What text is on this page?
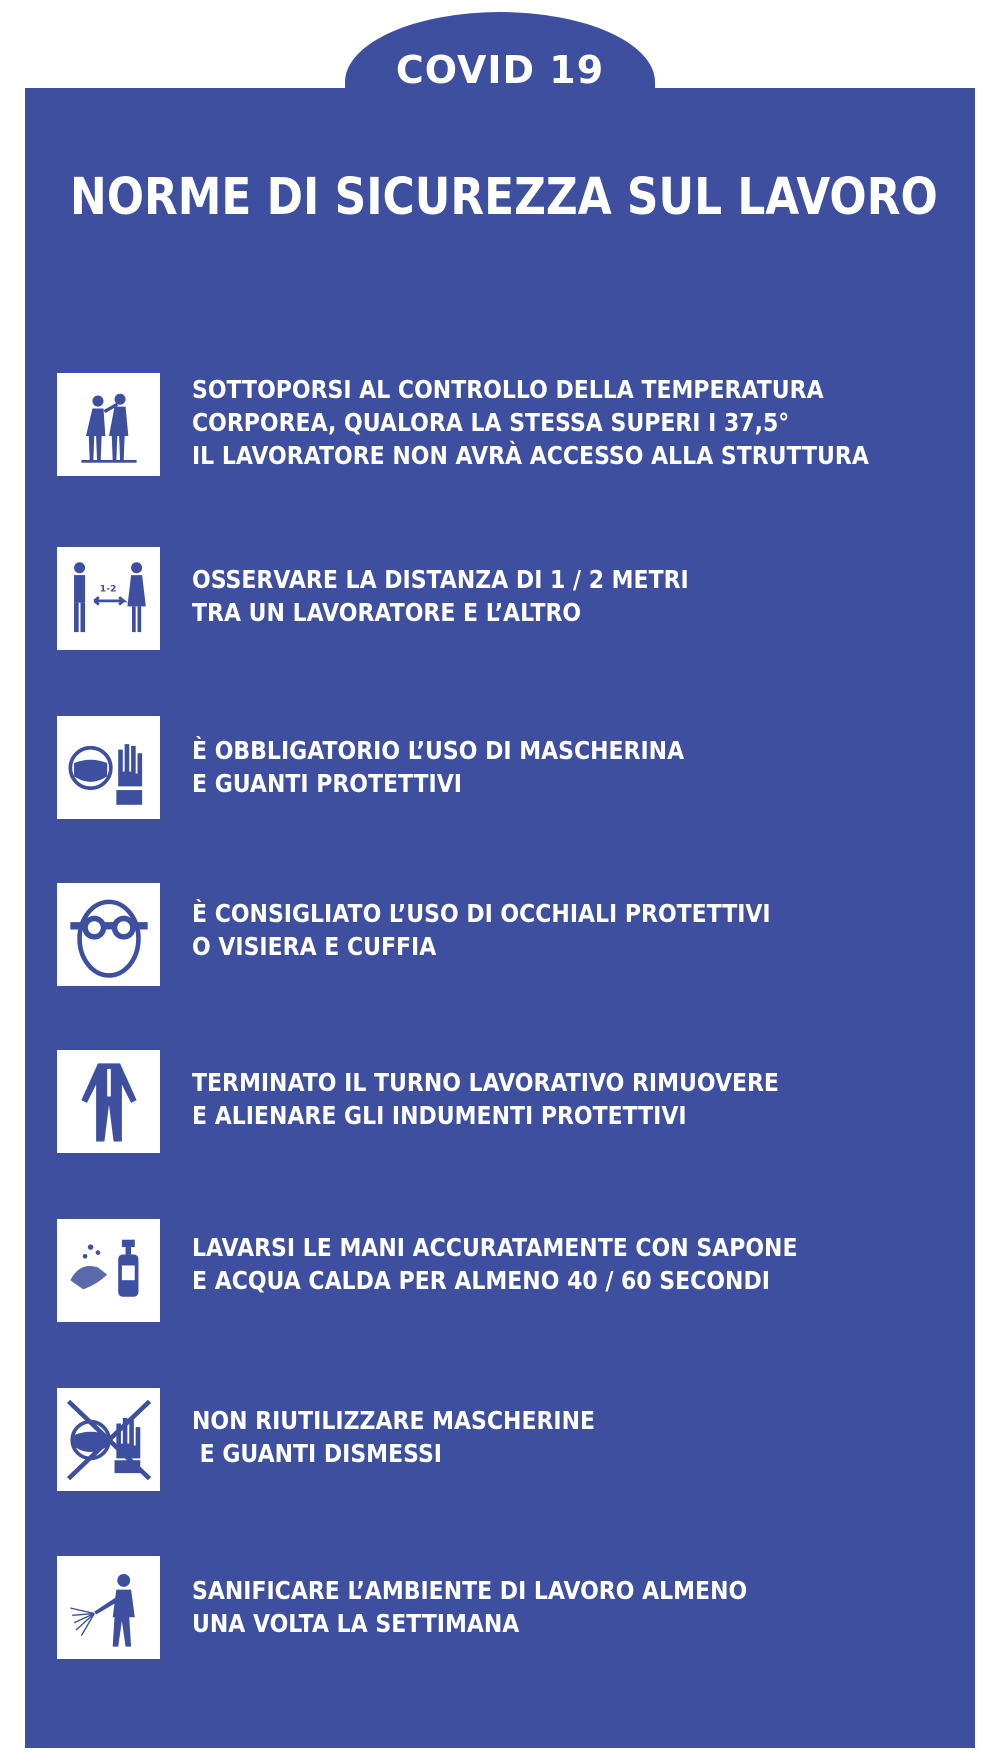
COVID 19
NORME DI SICUREZZA SUL LAVORO
SOTTOPORSI AL CONTROLLO DELLA TEMPERATURA
CORPOREA, QUALORA LA STESSA SUPERI I 37,5°
IL LAVORATORE NON AVRÀ ACCESSO ALLA STRUTTURA
1-2	OSSERVARE LA DISTANZA DI 1 / 2 METRI
TRA UN LAVORATORE E L’ALTRO
È OBBLIGATORIO L’USO DI MASCHERINA
E GUANTI PROTETTIVI
È CONSIGLIATO L’USO DI OCCHIALI PROTETTIVI
O VISIERA E CUFFIA
TERMINATO IL TURNO LAVORATIVO RIMUOVERE
E ALIENARE GLI INDUMENTI PROTETTIVI
LAVARSI LE MANI ACCURATAMENTE CON SAPONE
E ACQUA CALDA PER ALMENO 40 / 60 SECONDI
NON RIUTILIZZARE MASCHERINE
E GUANTI DISMESSI
SANIFICARE L’AMBIENTE DI LAVORO ALMENO
UNA VOLTA LA SETTIMANA
